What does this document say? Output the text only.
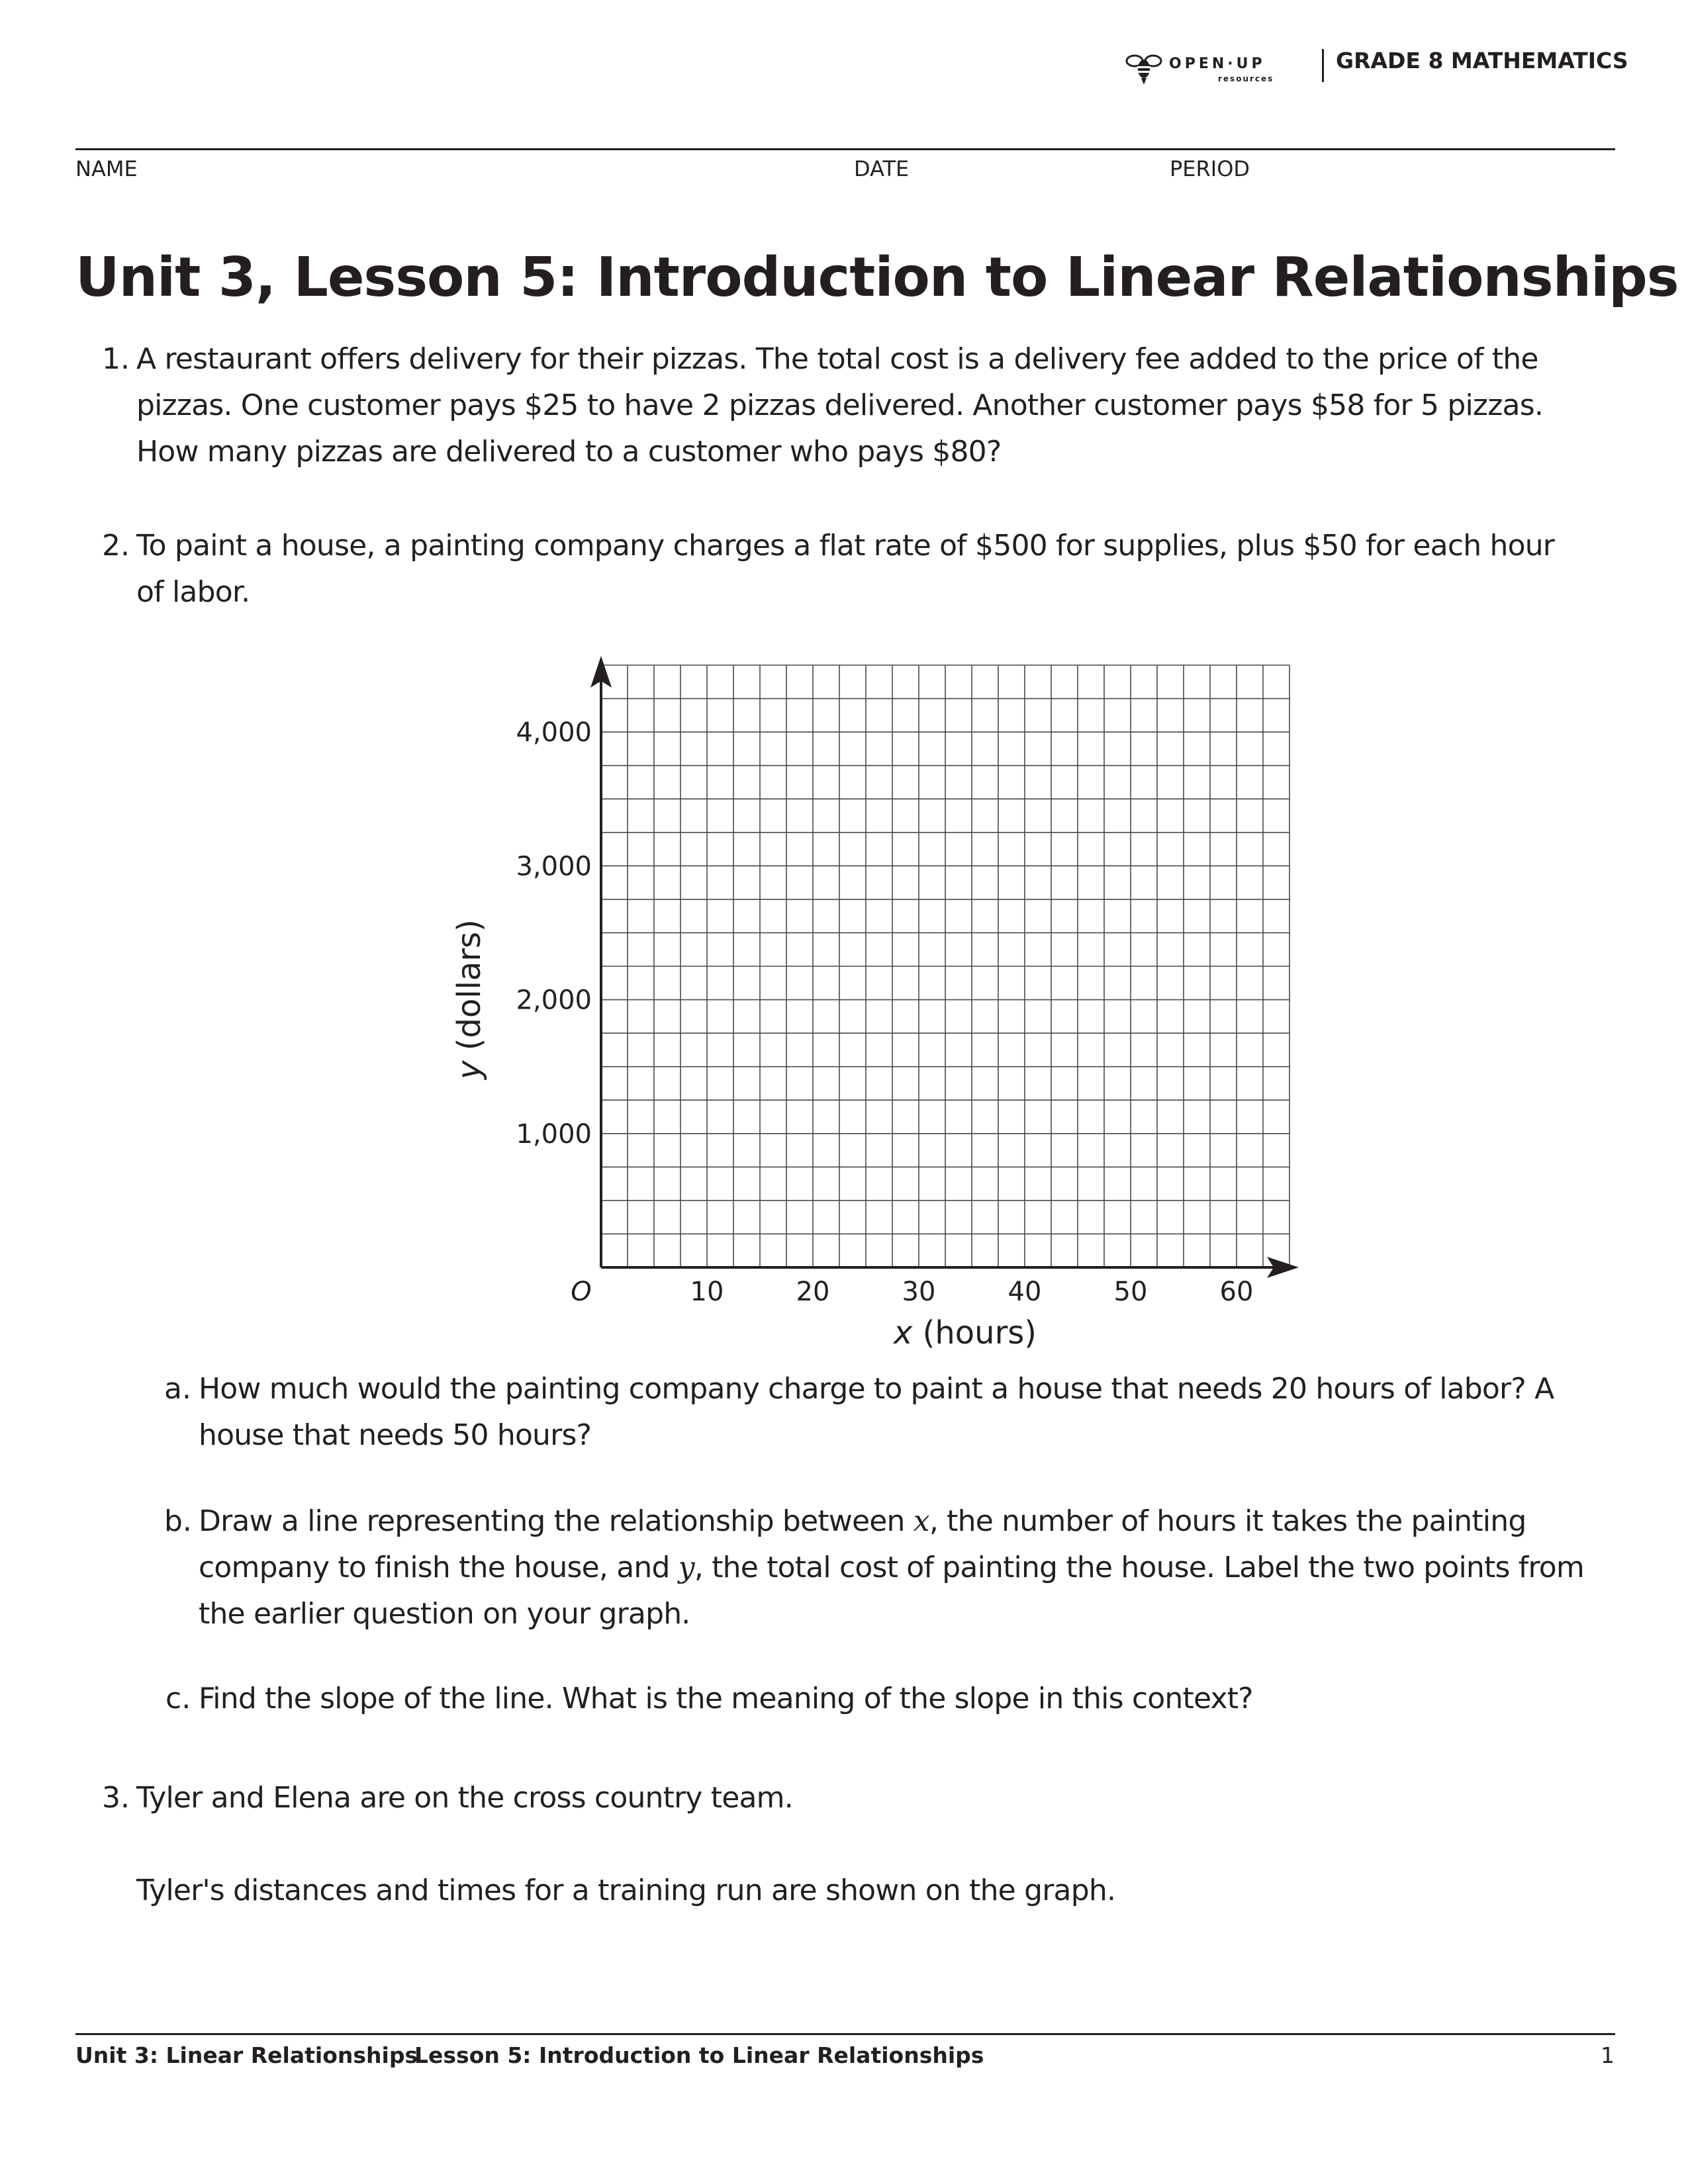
OPEN·UP
resources
GRADE 8 MATHEMATICS
NAME	DATE	PERIOD
Unit 3, Lesson 5: Introduction to Linear Relationships
1. A restaurant offers delivery for their pizzas. The total cost is a delivery fee added to the price of the
pizzas. One customer pays $25 to have 2 pizzas delivered. Another customer pays $58 for 5 pizzas.
How many pizzas are delivered to a customer who pays $80?
2. To paint a house, a painting company charges a flat rate of $500 for supplies, plus $50 for each hour
of labor.
10	20	30	40	50	60
1,000
2,000
3,000
4,000
O
x (hours)
y (dollars)
a. How much would the painting company charge to paint a house that needs 20 hours of labor? A
house that needs 50 hours?
b. Draw a line representing the relationship between x, the number of hours it takes the painting
company to finish the house, and y, the total cost of painting the house. Label the two points from
the earlier question on your graph.
c. Find the slope of the line. What is the meaning of the slope in this context?
3. Tyler and Elena are on the cross country team.
Tyler's distances and times for a training run are shown on the graph.
Unit 3: Linear Relationships
Lesson 5: Introduction to Linear Relationships	1
